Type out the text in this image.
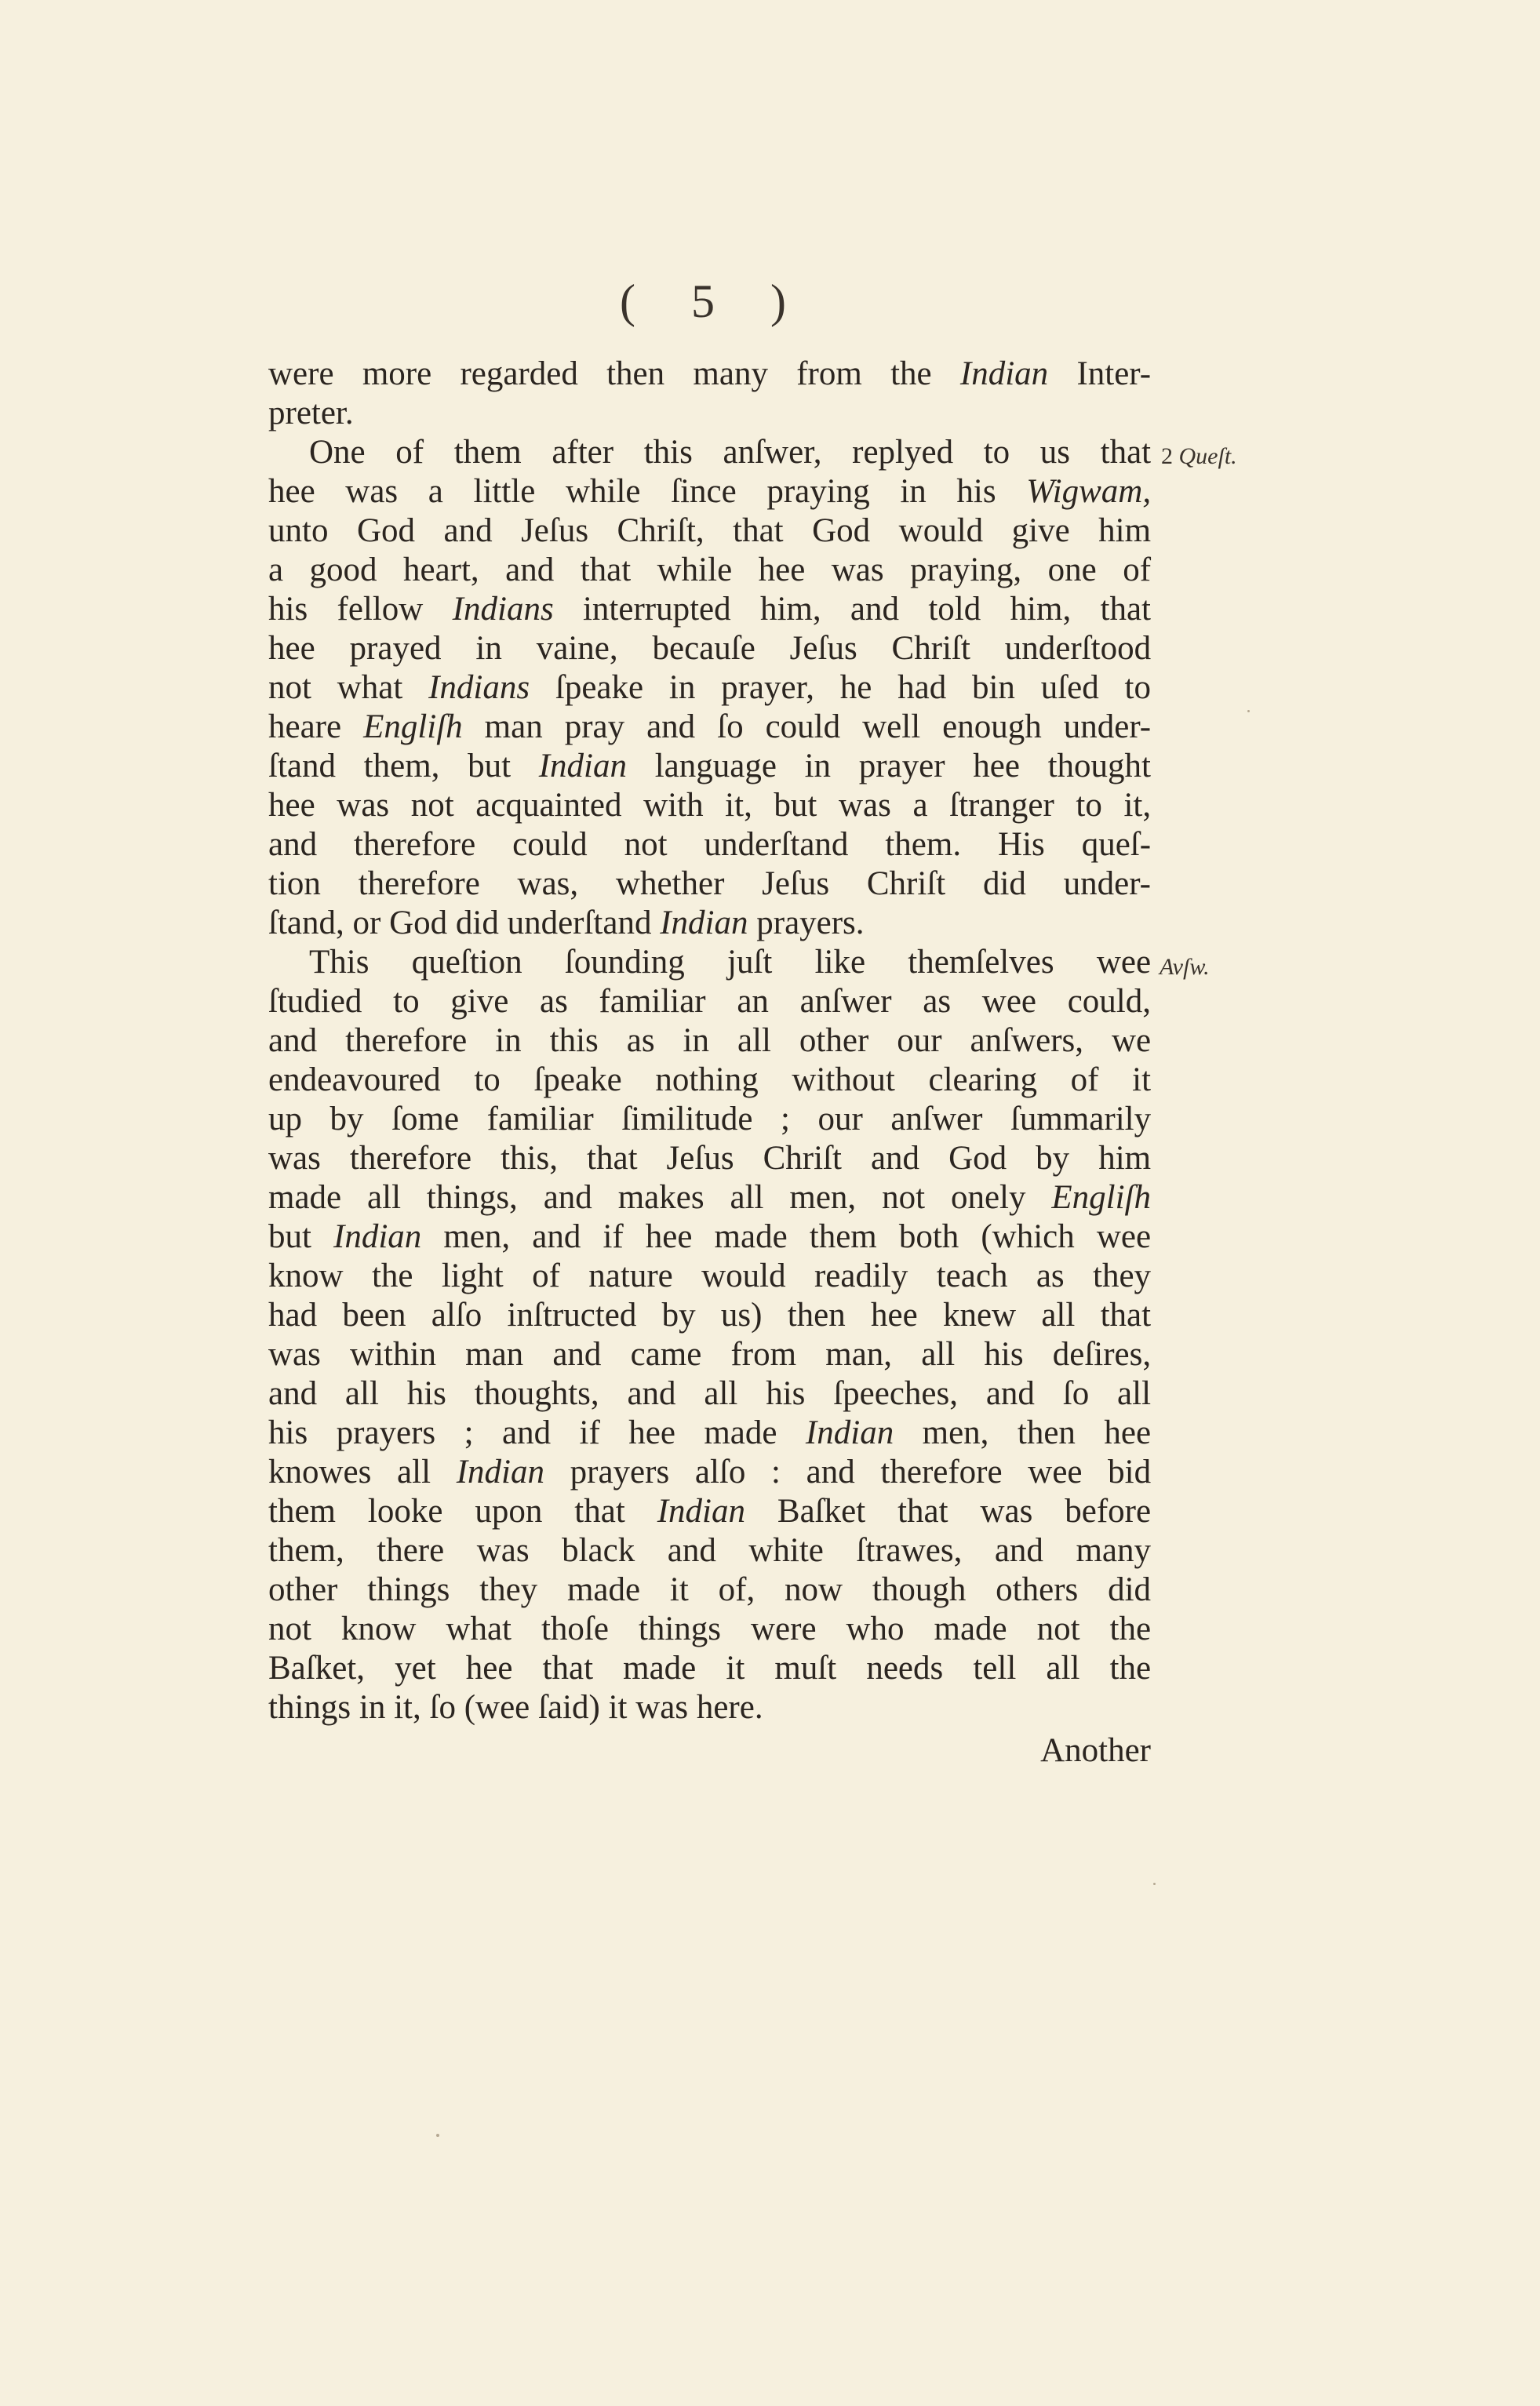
( 5 )
were more regarded then many from the Indian Inter-
preter.
One of them after this anſwer, replyed to us that
hee was a little while ſince praying in his Wigwam,
unto God and Jeſus Chriſt, that God would give him
a good heart, and that while hee was praying, one of
his fellow Indians interrupted him, and told him, that
hee prayed in vaine, becauſe Jeſus Chriſt underſtood
not what Indians ſpeake in prayer, he had bin uſed to
heare Engliſh man pray and ſo could well enough under-
ſtand them, but Indian language in prayer hee thought
hee was not acquainted with it, but was a ſtranger to it,
and therefore could not underſtand them. His queſ-
tion therefore was, whether Jeſus Chriſt did under-
ſtand, or God did underſtand Indian prayers.
This queſtion ſounding juſt like themſelves wee
ſtudied to give as familiar an anſwer as wee could,
and therefore in this as in all other our anſwers, we
endeavoured to ſpeake nothing without clearing of it
up by ſome familiar ſimilitude ; our anſwer ſummarily
was therefore this, that Jeſus Chriſt and God by him
made all things, and makes all men, not onely Engliſh
but Indian men, and if hee made them both (which wee
know the light of nature would readily teach as they
had been alſo inſtructed by us) then hee knew all that
was within man and came from man, all his deſires,
and all his thoughts, and all his ſpeeches, and ſo all
his prayers ; and if hee made Indian men, then hee
knowes all Indian prayers alſo : and therefore wee bid
them looke upon that Indian Baſket that was before
them, there was black and white ſtrawes, and many
other things they made it of, now though others did
not know what thoſe things were who made not the
Baſket, yet hee that made it muſt needs tell all the
things in it, ſo (wee ſaid) it was here.
Another
2 Queſt.
Avſw.
